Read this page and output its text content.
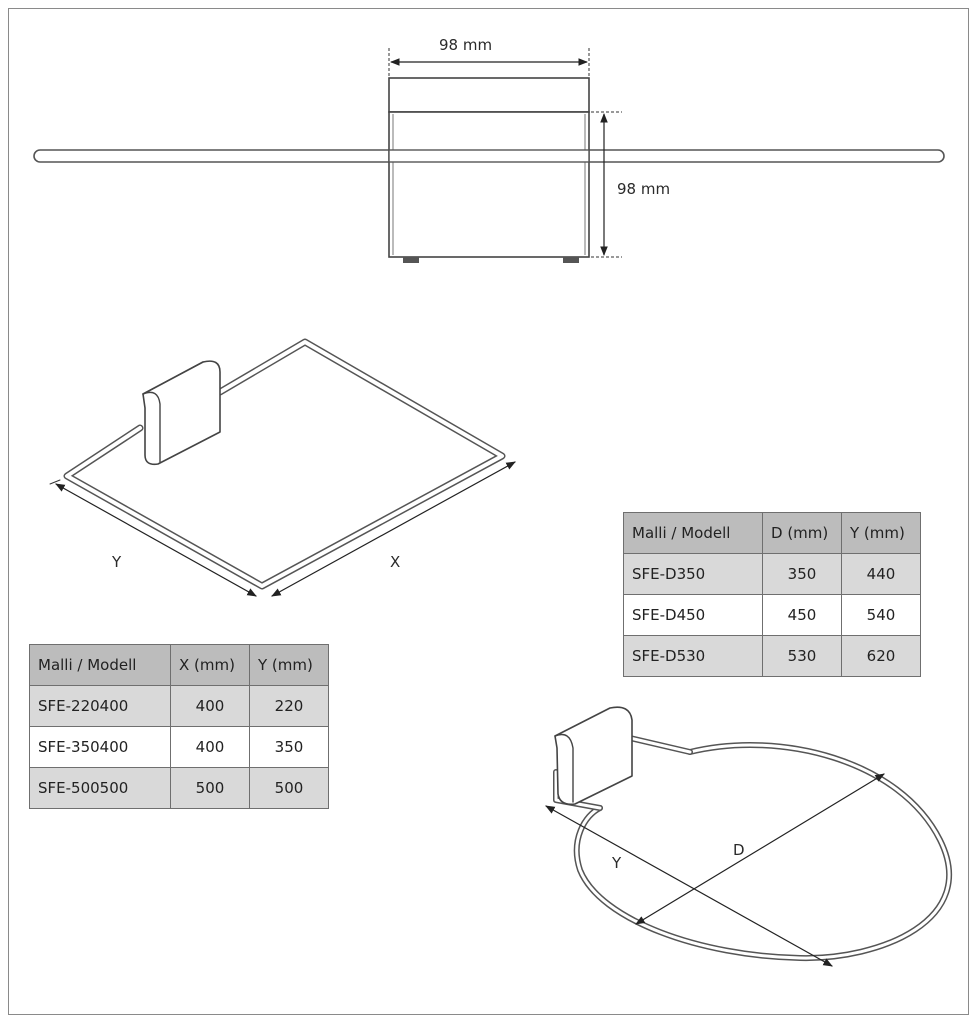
98 mm
98 mm
Y	X
D
Y
Malli / Modell	X (mm)	Y (mm)
SFE-220400	400	220
SFE-350400	400	350
SFE-500500	500	500
Malli / Modell	D (mm)	Y (mm)
SFE-D350	350	440
SFE-D450	450	540
SFE-D530	530	620
